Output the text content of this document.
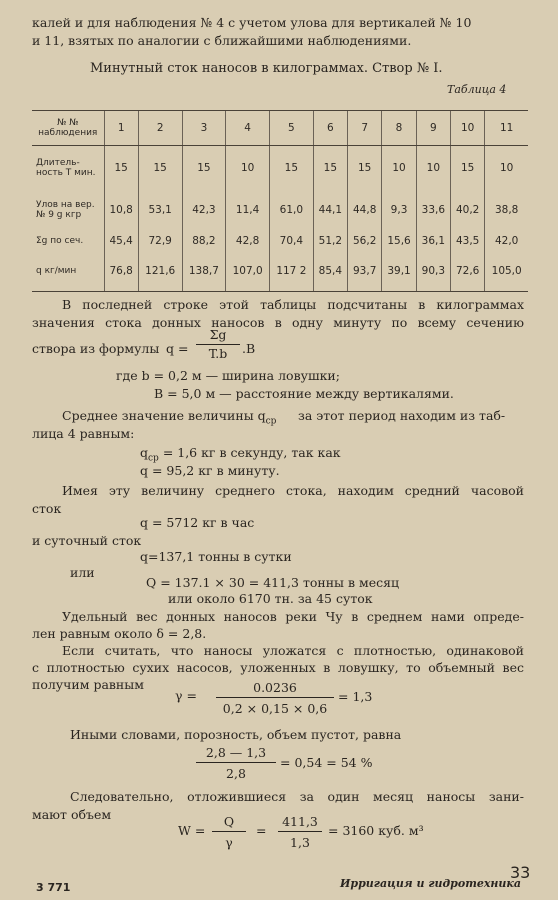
калей и для наблюдения № 4 с учетом улова для вертикалей № 10
и 11, взятых по аналогии с ближайшими наблюдениями.
Минутный сток наносов в килограммах. Створ № I.
Таблица 4
№ № наблюдения	1	2	3	4	5	6	7	8	9	10	11
Длитель-ность T мин.	15	15	15	10	15	15	15	10	10	15	10
Улов на вер. № 9 g кгр	10,8	53,1	42,3	11,4	61,0	44,1	44,8	9,3	33,6	40,2	38,8
Σg по сеч.	45,4	72,9	88,2	42,8	70,4	51,2	56,2	15,6	36,1	43,5	42,0
q кг/мин	76,8	121,6	138,7	107,0	117 2	85,4	93,7	39,1	90,3	72,6	105,0
В последней строке этой таблицы подсчитаны в килограммах
значения стока донных наносов в одну минуту по всему сечению
створа из формулы q =
Σg
T.b	.B
где b = 0,2 м — ширина ловушки;
B = 5,0 м — расстояние между вертикалями.
Среднее значение величины $q_{ср}$ за этот период находим из таб-
лица 4 равным:
$q_{ср} = 1,6$ кг в секунду, так как
q = 95,2 кг в минуту.
Имея эту величину среднего стока, находим средний часовой
сток
q = 5712 кг в час
и суточный сток
q=137,1 тонны в сутки
или
Q = 137.1 × 30 = 411,3 тонны в месяц
или около 6170 тн. за 45 суток
Удельный вес донных наносов реки Чу в среднем нами опреде-
лен равным около δ = 2,8.
Если считать, что наносы уложатся с плотностью, одинаковой
с плотностью сухих насосов, уложенных в ловушку, то объемный вес
получим равным
γ =
0.0236
0,2 × 0,15 × 0,6
= 1,3
Иными словами, порозность, объем пустот, равна
2,8 — 1,3
2,8
= 0,54 = 54 %
Следовательно, отложившиеся за один месяц наносы зани-
мают объем
W =
Q
γ
=
411,3
1,3
= 3160 куб. м³
3 771	Ирригация и гидротехника
33
